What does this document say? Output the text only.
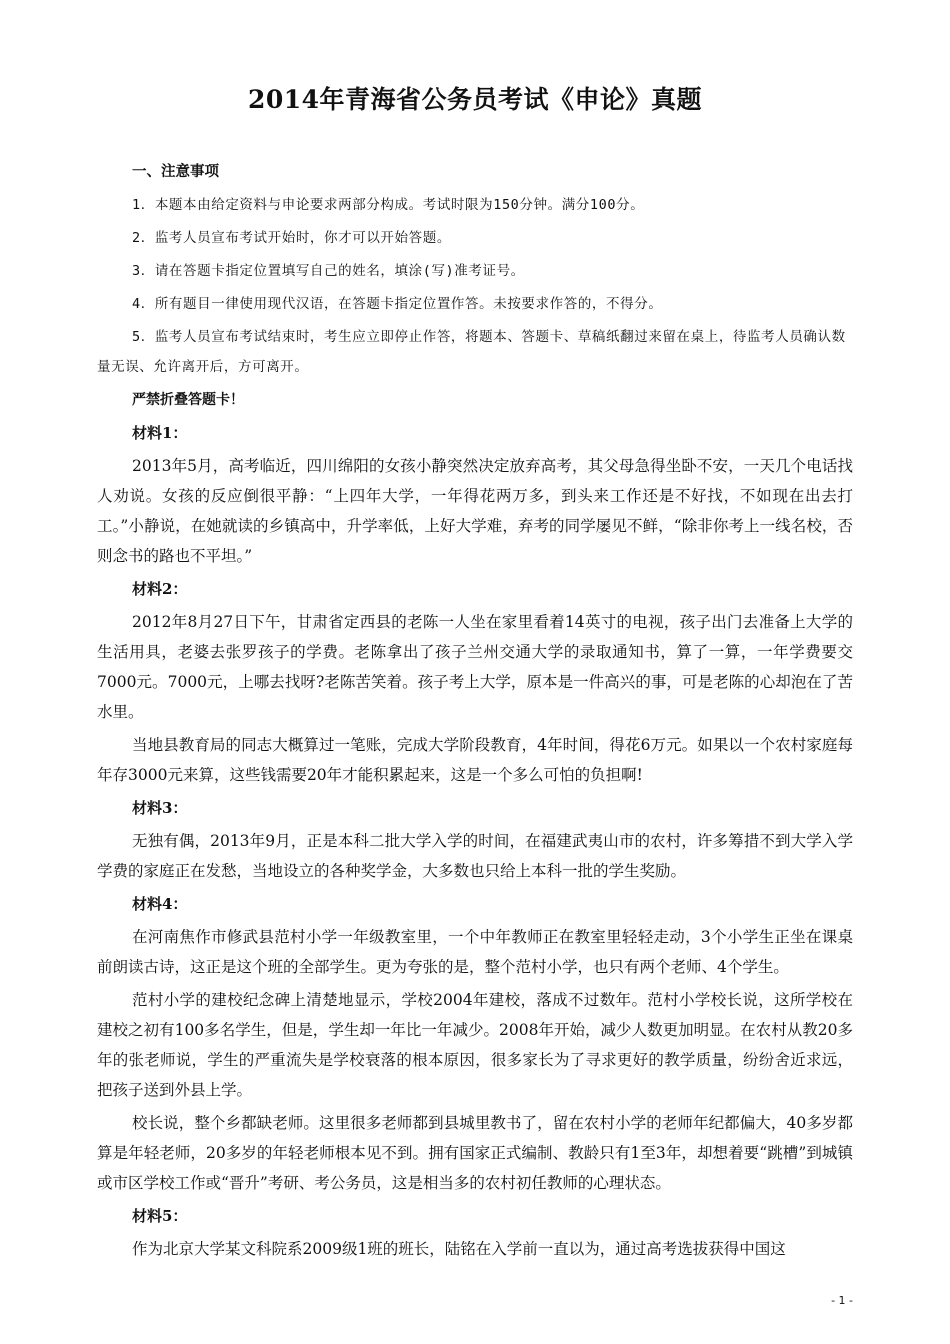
2014年青海省公务员考试《申论》真题
一、注意事项
1．本题本由给定资料与申论要求两部分构成。考试时限为150分钟。满分100分。
2．监考人员宣布考试开始时，你才可以开始答题。
3．请在答题卡指定位置填写自己的姓名，填涂(写)准考证号。
4．所有题目一律使用现代汉语，在答题卡指定位置作答。未按要求作答的，不得分。
5．监考人员宣布考试结束时，考生应立即停止作答，将题本、答题卡、草稿纸翻过来留在桌上，待监考人员确认数量无误、允许离开后，方可离开。
严禁折叠答题卡！
材料1：

2013年5月，高考临近，四川绵阳的女孩小静突然决定放弃高考，其父母急得坐卧不安，一天几个电话找人劝说。女孩的反应倒很平静：“上四年大学，一年得花两万多，到头来工作还是不好找，不如现在出去打工。”小静说，在她就读的乡镇高中，升学率低，上好大学难，弃考的同学屡见不鲜，“除非你考上一线名校，否则念书的路也不平坦。”

材料2：

2012年8月27日下午，甘肃省定西县的老陈一人坐在家里看着14英寸的电视，孩子出门去准备上大学的生活用具，老婆去张罗孩子的学费。老陈拿出了孩子兰州交通大学的录取通知书，算了一算，一年学费要交7000元。7000元，上哪去找呀?老陈苦笑着。孩子考上大学，原本是一件高兴的事，可是老陈的心却泡在了苦水里。

当地县教育局的同志大概算过一笔账，完成大学阶段教育，4年时间，得花6万元。如果以一个农村家庭每年存3000元来算，这些钱需要20年才能积累起来，这是一个多么可怕的负担啊!

材料3：

无独有偶，2013年9月，正是本科二批大学入学的时间，在福建武夷山市的农村，许多筹措不到大学入学学费的家庭正在发愁，当地设立的各种奖学金，大多数也只给上本科一批的学生奖励。

材料4：

在河南焦作市修武县范村小学一年级教室里，一个中年教师正在教室里轻轻走动，3个小学生正坐在课桌前朗读古诗，这正是这个班的全部学生。更为夸张的是，整个范村小学，也只有两个老师、4个学生。

范村小学的建校纪念碑上清楚地显示，学校2004年建校，落成不过数年。范村小学校长说，这所学校在建校之初有100多名学生，但是，学生却一年比一年减少。2008年开始，减少人数更加明显。在农村从教20多年的张老师说，学生的严重流失是学校衰落的根本原因，很多家长为了寻求更好的教学质量，纷纷舍近求远，把孩子送到外县上学。

校长说，整个乡都缺老师。这里很多老师都到县城里教书了，留在农村小学的老师年纪都偏大，40多岁都算是年轻老师，20多岁的年轻老师根本见不到。拥有国家正式编制、教龄只有1至3年，却想着要“跳槽”到城镇或市区学校工作或“晋升”考研、考公务员，这是相当多的农村初任教师的心理状态。

材料5：

作为北京大学某文科院系2009级1班的班长，陆铭在入学前一直以为，通过高考选拔获得中国这

- 1 -
